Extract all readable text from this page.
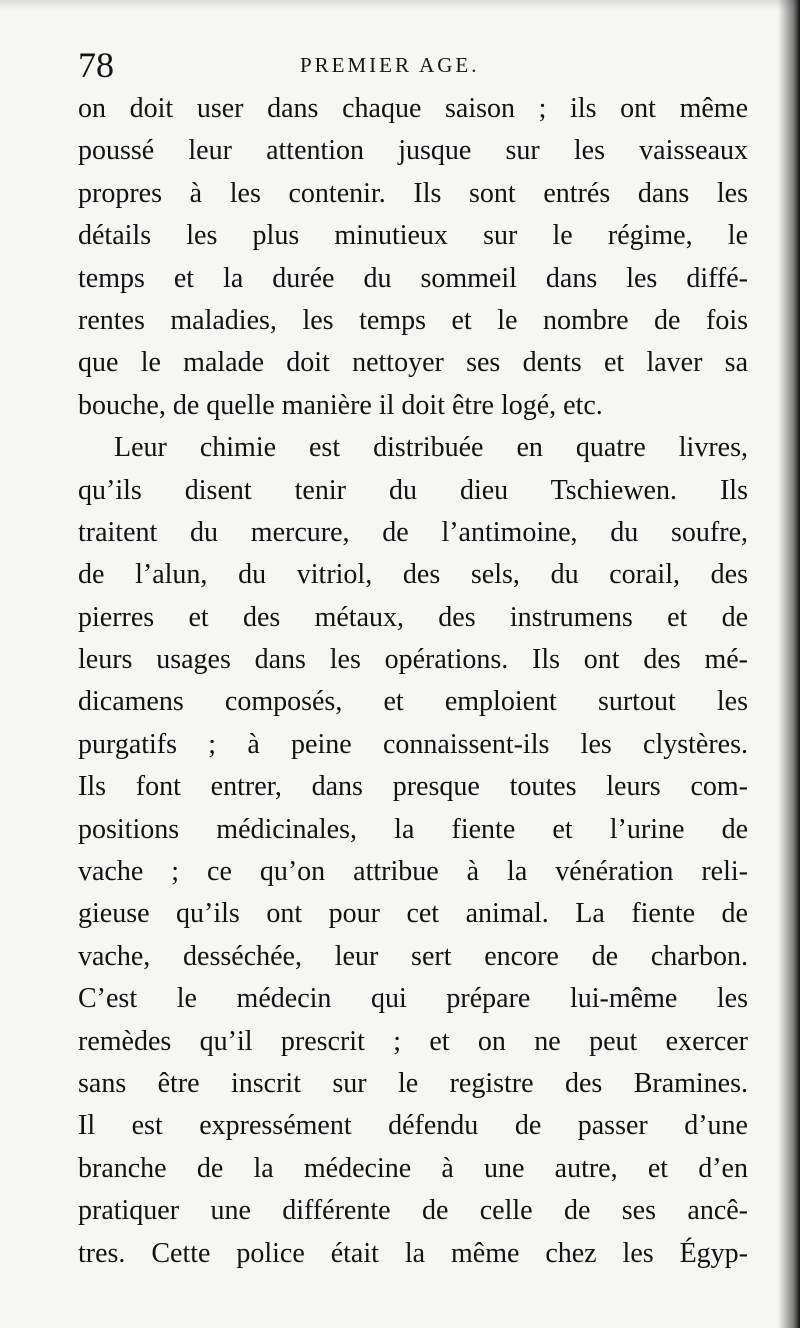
78	PREMIER AGE.
on doit user dans chaque saison ; ils ont même
poussé leur attention jusque sur les vaisseaux
propres à les contenir. Ils sont entrés dans les
détails les plus minutieux sur le régime, le
temps et la durée du sommeil dans les diffé-
rentes maladies, les temps et le nombre de fois
que le malade doit nettoyer ses dents et laver sa
bouche, de quelle manière il doit être logé, etc.
Leur chimie est distribuée en quatre livres,
qu’ils disent tenir du dieu Tschiewen. Ils
traitent du mercure, de l’antimoine, du soufre,
de l’alun, du vitriol, des sels, du corail, des
pierres et des métaux, des instrumens et de
leurs usages dans les opérations. Ils ont des mé-
dicamens composés, et emploient surtout les
purgatifs ; à peine connaissent-ils les clystères.
Ils font entrer, dans presque toutes leurs com-
positions médicinales, la fiente et l’urine de
vache ; ce qu’on attribue à la vénération reli-
gieuse qu’ils ont pour cet animal. La fiente de
vache, desséchée, leur sert encore de charbon.
C’est le médecin qui prépare lui-même les
remèdes qu’il prescrit ; et on ne peut exercer
sans être inscrit sur le registre des Bramines.
Il est expressément défendu de passer d’une
branche de la médecine à une autre, et d’en
pratiquer une différente de celle de ses ancê-
tres. Cette police était la même chez les Égyp-
